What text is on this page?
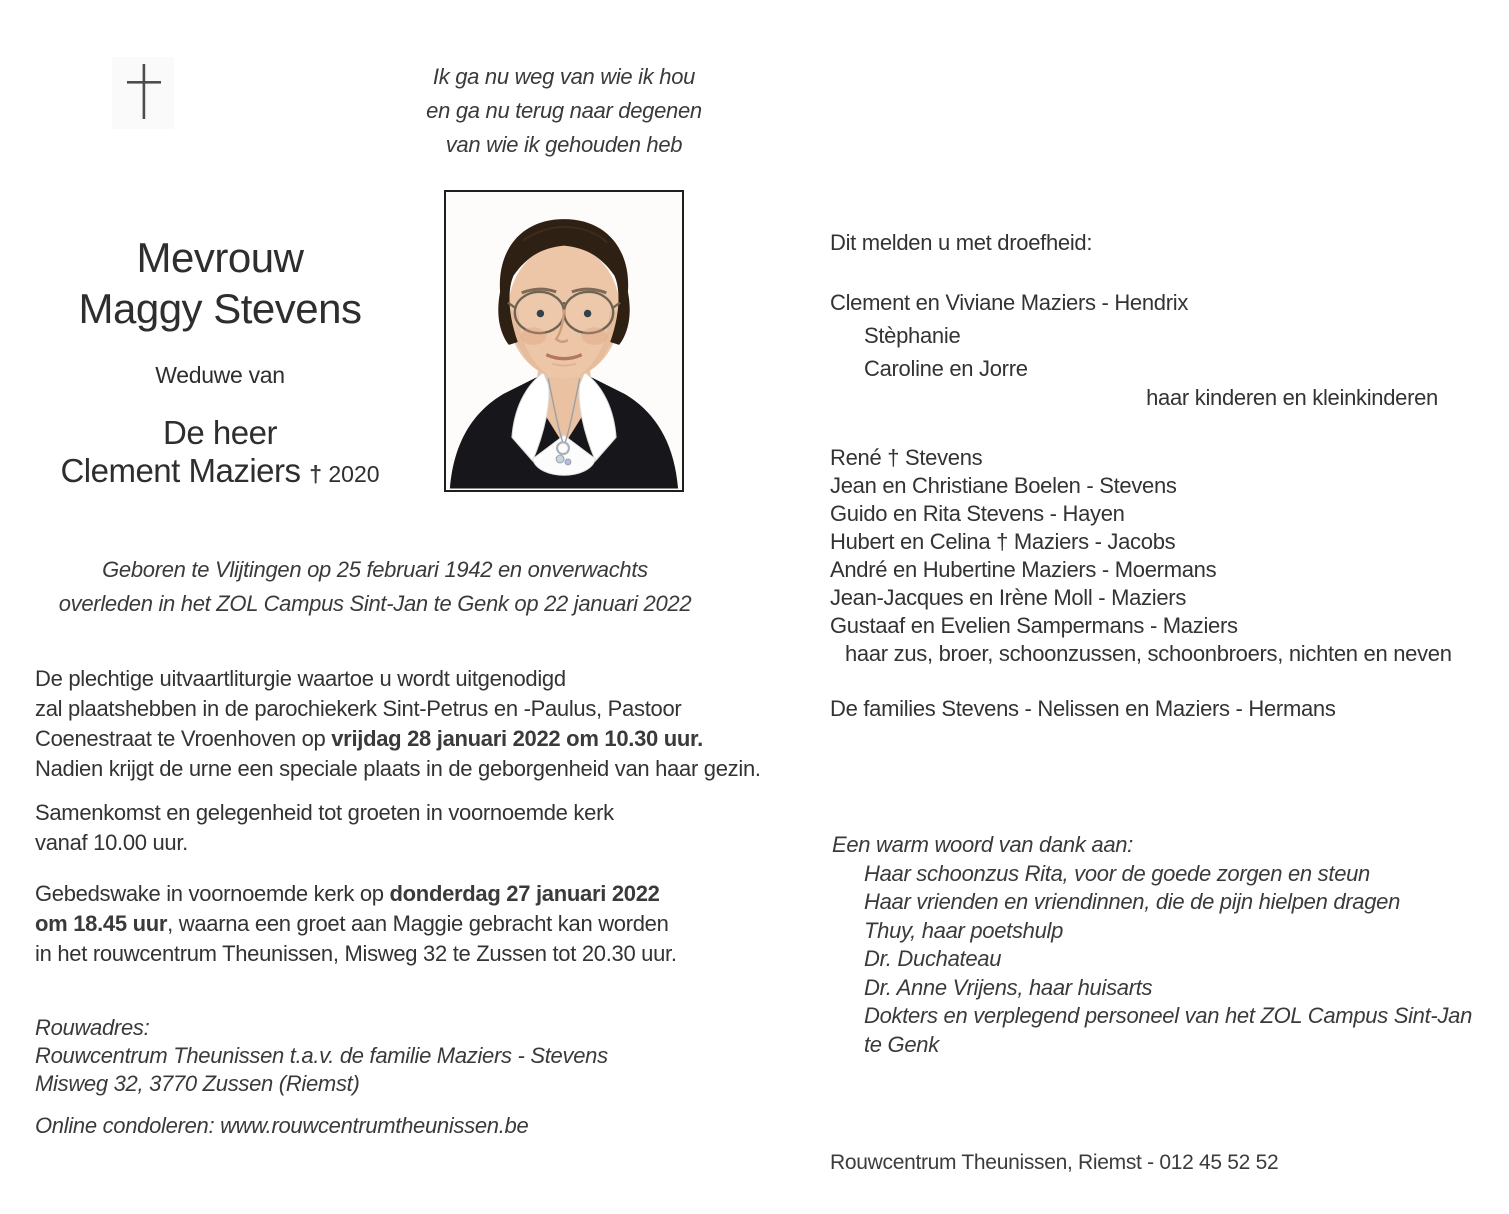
Ik ga nu weg van wie ik hou
en ga nu terug naar degenen
van wie ik gehouden heb
Mevrouw
Maggy Stevens
Weduwe van
De heer
Clement Maziers † 2020
Geboren te Vlijtingen op 25 februari 1942 en onverwachts
overleden in het ZOL Campus Sint-Jan te Genk op 22 januari 2022
De plechtige uitvaartliturgie waartoe u wordt uitgenodigd
zal plaatshebben in de parochiekerk Sint-Petrus en -Paulus, Pastoor
Coenestraat te Vroenhoven op vrijdag 28 januari 2022 om 10.30 uur.
Nadien krijgt de urne een speciale plaats in de geborgenheid van haar gezin.
Samenkomst en gelegenheid tot groeten in voornoemde kerk
vanaf 10.00 uur.
Gebedswake in voornoemde kerk op donderdag 27 januari 2022
om 18.45 uur, waarna een groet aan Maggie gebracht kan worden
in het rouwcentrum Theunissen, Misweg 32 te Zussen tot 20.30 uur.
Rouwadres:
Rouwcentrum Theunissen t.a.v. de familie Maziers - Stevens
Misweg 32, 3770 Zussen (Riemst)
Online condoleren: www.rouwcentrumtheunissen.be
Dit melden u met droefheid:
Clement en Viviane Maziers - Hendrix
Stèphanie
Caroline en Jorre
haar kinderen en kleinkinderen
René † Stevens
Jean en Christiane Boelen - Stevens
Guido en Rita Stevens - Hayen
Hubert en Celina † Maziers - Jacobs
André en Hubertine Maziers - Moermans
Jean-Jacques en Irène Moll - Maziers
Gustaaf en Evelien Sampermans - Maziers
haar zus, broer, schoonzussen, schoonbroers, nichten en neven
De families Stevens - Nelissen en Maziers - Hermans
Een warm woord van dank aan:
Haar schoonzus Rita, voor de goede zorgen en steun
Haar vrienden en vriendinnen, die de pijn hielpen dragen
Thuy, haar poetshulp
Dr. Duchateau
Dr. Anne Vrijens, haar huisarts
Dokters en verplegend personeel van het ZOL Campus Sint-Jan
te Genk
Rouwcentrum Theunissen, Riemst - 012 45 52 52
